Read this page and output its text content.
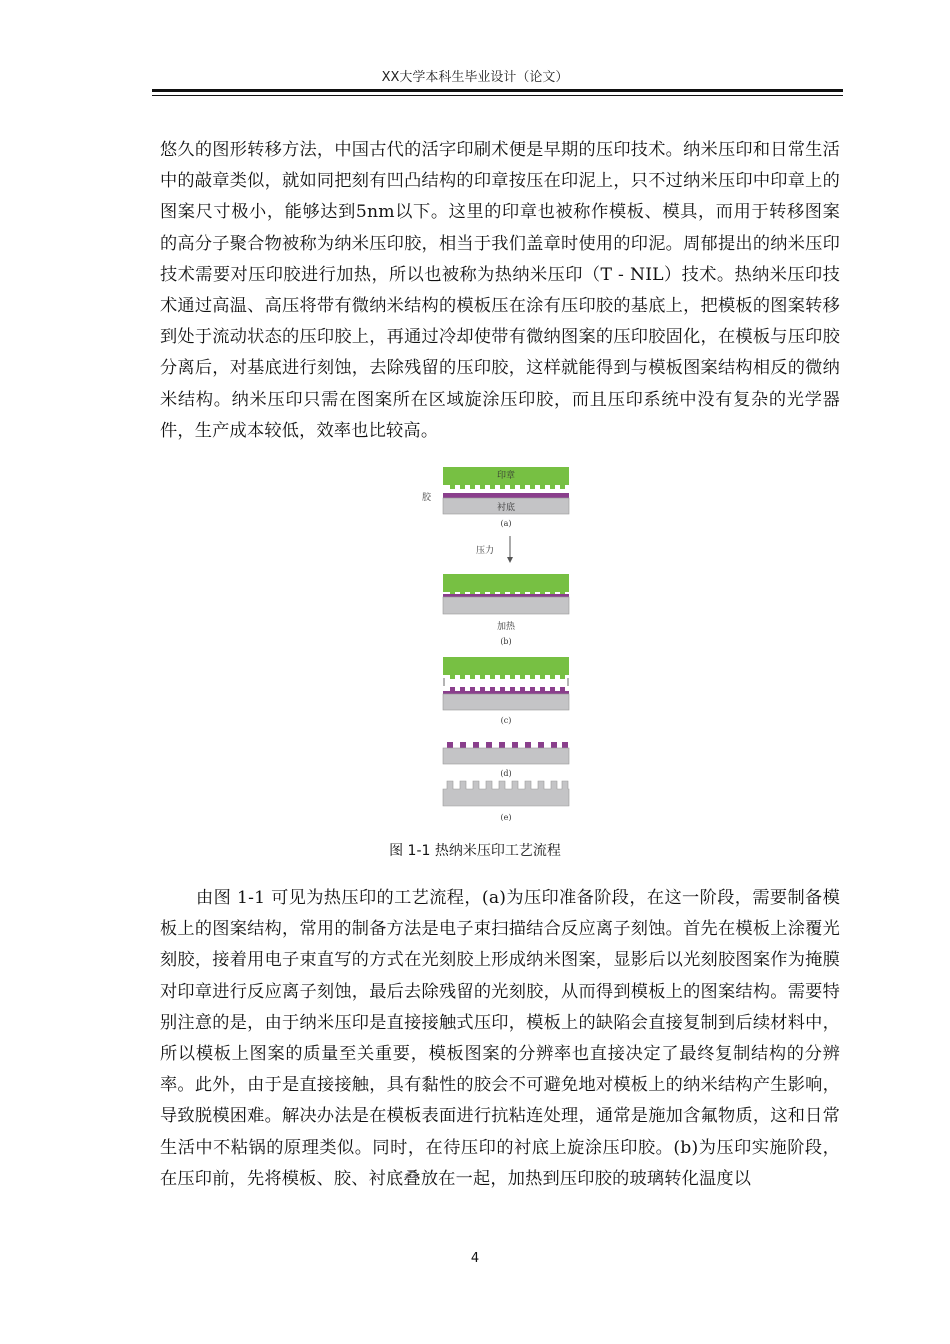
XX大学本科生毕业设计（论文）

悠久的图形转移方法，中国古代的活字印刷术便是早期的压印技术。纳米压印和日常生活中的敲章类似，就如同把刻有凹凸结构的印章按压在印泥上，只不过纳米压印中印章上的图案尺寸极小，能够达到5nm以下。这里的印章也被称作模板、模具，而用于转移图案的高分子聚合物被称为纳米压印胶，相当于我们盖章时使用的印泥。周郁提出的纳米压印技术需要对压印胶进行加热，所以也被称为热纳米压印（T - NIL）技术。热纳米压印技术通过高温、高压将带有微纳米结构的模板压在涂有压印胶的基底上，把模板的图案转移到处于流动状态的压印胶上，再通过冷却使带有微纳图案的压印胶固化，在模板与压印胶分离后，对基底进行刻蚀，去除残留的压印胶，这样就能得到与模板图案结构相反的微纳米结构。纳米压印只需在图案所在区域旋涂压印胶，而且压印系统中没有复杂的光学器件，生产成本较低，效率也比较高。

印章
衬底
胶
(a)
压力
加热
(b)
(c)
(d)
(e)
图 1-1 热纳米压印工艺流程

由图 1-1 可见为热压印的工艺流程，(a)为压印准备阶段，在这一阶段，需要制备模板上的图案结构，常用的制备方法是电子束扫描结合反应离子刻蚀。首先在模板上涂覆光刻胶，接着用电子束直写的方式在光刻胶上形成纳米图案，显影后以光刻胶图案作为掩膜对印章进行反应离子刻蚀，最后去除残留的光刻胶，从而得到模板上的图案结构。需要特别注意的是，由于纳米压印是直接接触式压印，模板上的缺陷会直接复制到后续材料中，所以模板上图案的质量至关重要，模板图案的分辨率也直接决定了最终复制结构的分辨率。此外，由于是直接接触，具有黏性的胶会不可避免地对模板上的纳米结构产生影响，导致脱模困难。解决办法是在模板表面进行抗粘连处理，通常是施加含氟物质，这和日常生活中不粘锅的原理类似。同时，在待压印的衬底上旋涂压印胶。(b)为压印实施阶段，在压印前，先将模板、胶、衬底叠放在一起，加热到压印胶的玻璃转化温度以

4
